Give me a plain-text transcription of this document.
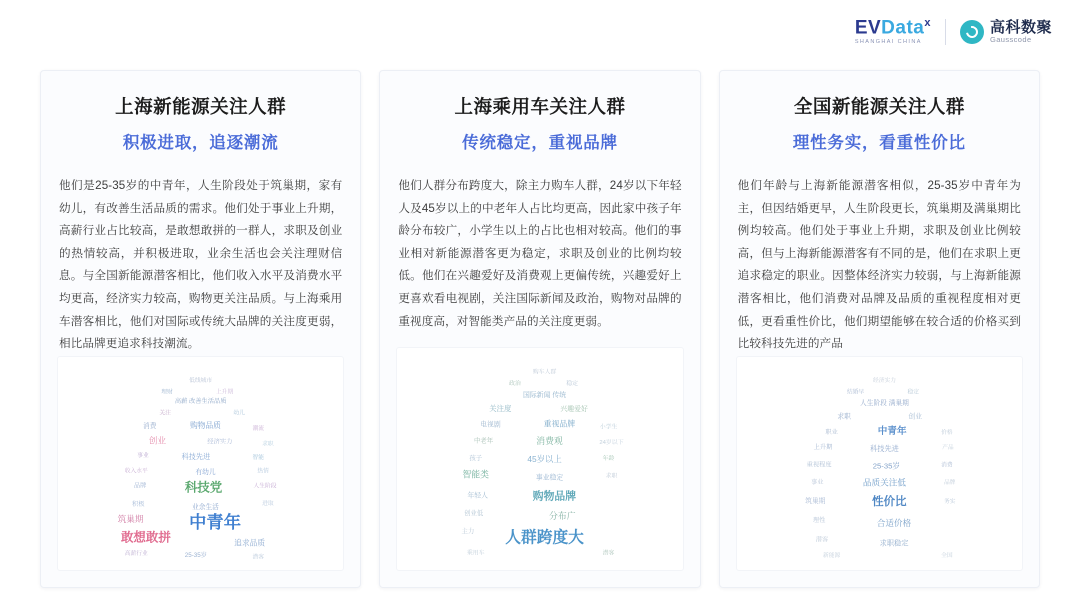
EVData$^x$
SHANGHAI CHINA
高科数聚
Gausscode
上海新能源关注人群
积极进取，追逐潮流

他们是25-35岁的中青年，人生阶段处于筑巢期，家有幼儿，有改善生活品质的需求。他们处于事业上升期，高薪行业占比较高，是敢想敢拼的一群人，求职及创业的热情较高，并积极进取，业余生活也会关注理财信息。与全国新能源潜客相比，他们收入水平及消费水平均更高，经济实力较高，购物更关注品质。与上海乘用车潜客相比，他们对国际或传统大品牌的关注度更弱，相比品牌更追求科技潮流。

低线城市
理财	上升期
高薪 改善生活品质
关注	幼儿
消费	购物品质	潮流
创业	经济实力	求职
事业	科技先进	智能
收入水平	有幼儿	热情
品牌	科技党	人生阶段
积极	业余生活	进取
筑巢期	中青年
敢想敢拼	追求品质
高薪行业	25-35岁	潜客
上海乘用车关注人群
传统稳定，重视品牌

他们人群分布跨度大，除主力购车人群，24岁以下年轻人及45岁以上的中老年人占比均更高，因此家中孩子年龄分布较广，小学生以上的占比也相对较高。他们的事业相对新能源潜客更为稳定，求职及创业的比例均较低。他们在兴趣爱好及消费观上更偏传统，兴趣爱好上更喜欢看电视剧，关注国际新闻及政治，购物对品牌的重视度高，对智能类产品的关注度更弱。

购车人群
政治	稳定
国际新闻 传统
关注度	兴趣爱好
电视剧	重视品牌	小学生
中老年	消费观	24岁以下
孩子	45岁以上	年龄
智能类	事业稳定	求职
年轻人	购物品牌
创业低	分布广
人群跨度大
主力
乘用车	潜客
全国新能源关注人群
理性务实，看重性价比

他们年龄与上海新能源潜客相似，25-35岁中青年为主，但因结婚更早，人生阶段更长，筑巢期及满巢期比例均较高。他们处于事业上升期，求职及创业比例较高，但与上海新能源潜客有不同的是，他们在求职上更追求稳定的职业。因整体经济实力较弱，与上海新能源潜客相比，他们消费对品牌及品质的重视程度相对更低，更看重性价比，他们期望能够在较合适的价格买到比较科技先进的产品

经济实力
结婚早	稳定
人生阶段 满巢期
求职	创业
职业	中青年	价格
上升期	科技先进	产品
重视程度	25-35岁	消费
事业	品质关注低	品牌
筑巢期	性价比	务实
理性	合适价格
潜客	求职稳定
全国
新能源
